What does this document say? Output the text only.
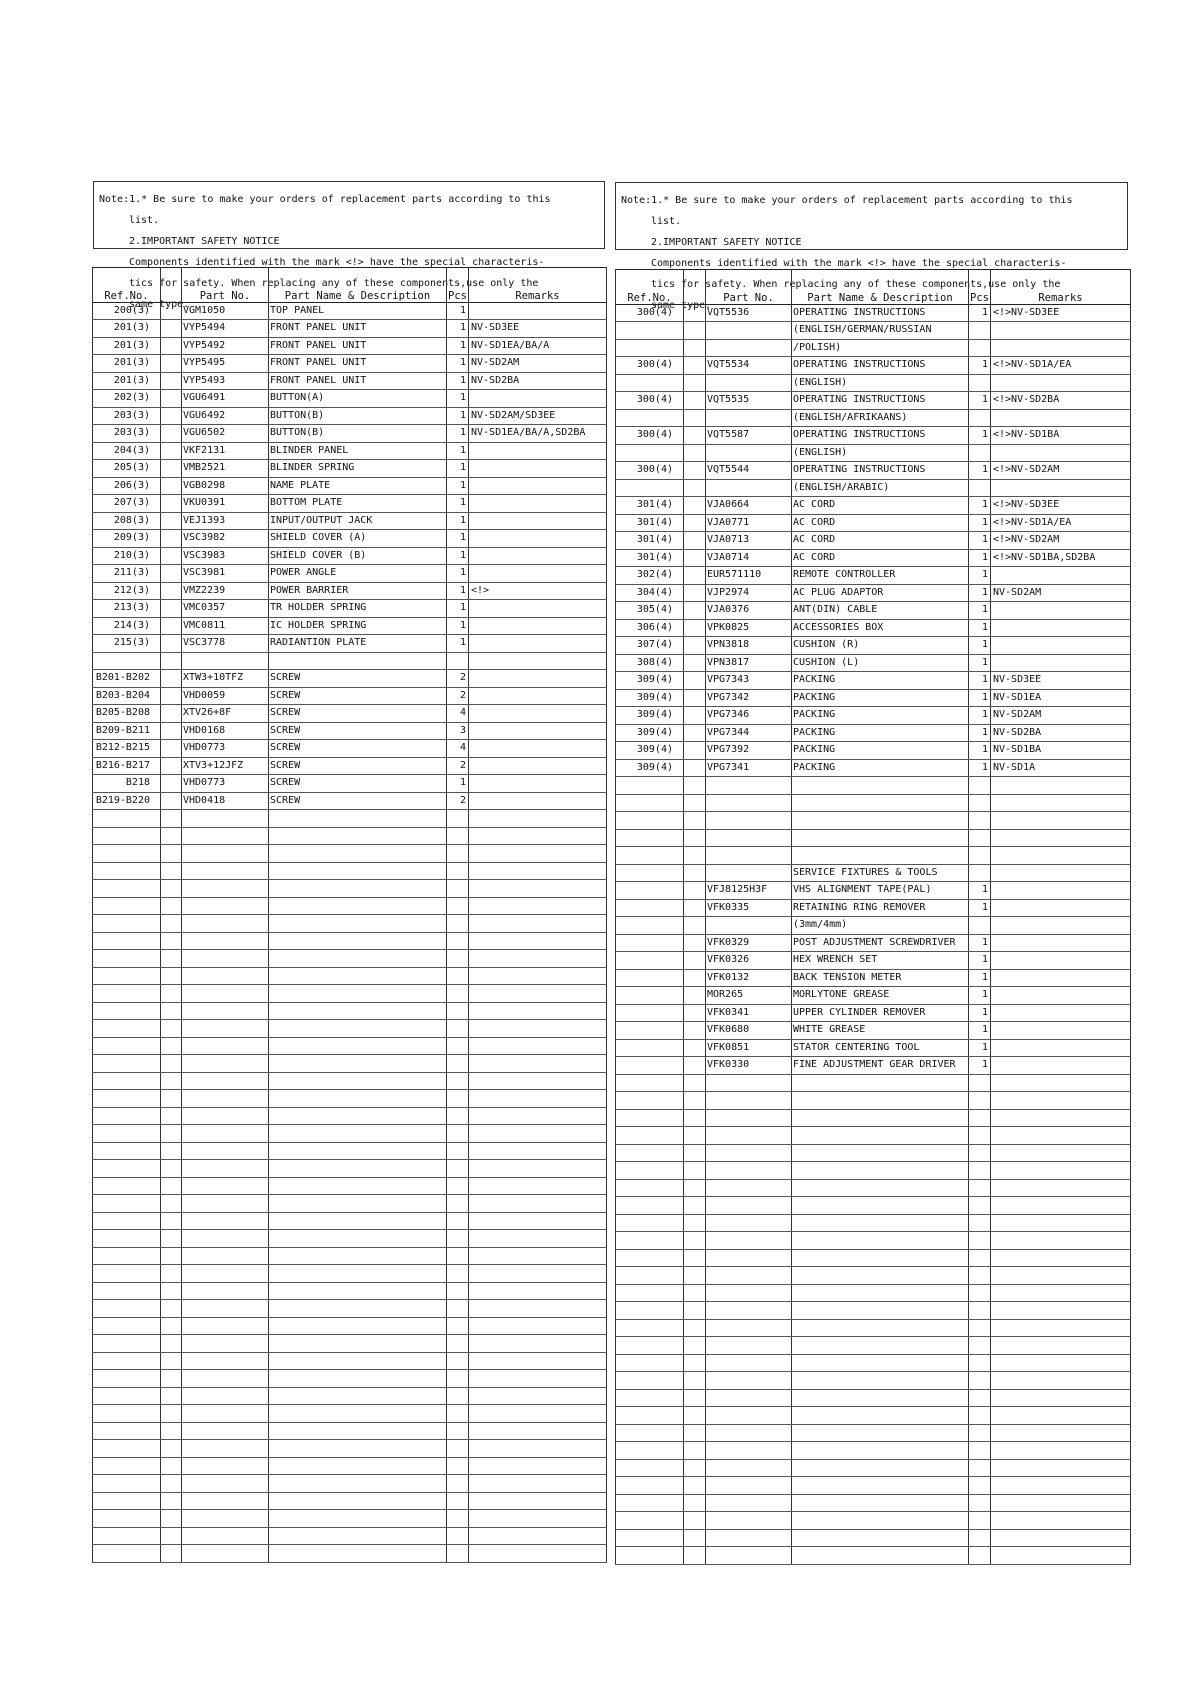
Note:1.* Be sure to make your orders of replacement parts according to this

list.

2.IMPORTANT SAFETY NOTICE

Components identified with the mark <!> have the special characteris-

tics for safety. When replacing any of these components,use only the

same type.

Note:1.* Be sure to make your orders of replacement parts according to this

list.

2.IMPORTANT SAFETY NOTICE

Components identified with the mark <!> have the special characteris-

tics for safety. When replacing any of these components,use only the

same type.

Ref.No.		Part No.	Part Name & Description	Pcs	Remarks
200(3)		VGM1050	TOP PANEL	1	
201(3)		VYP5494	FRONT PANEL UNIT	1	NV-SD3EE
201(3)		VYP5492	FRONT PANEL UNIT	1	NV-SD1EA/BA/A
201(3)		VYP5495	FRONT PANEL UNIT	1	NV-SD2AM
201(3)		VYP5493	FRONT PANEL UNIT	1	NV-SD2BA
202(3)		VGU6491	BUTTON(A)	1	
203(3)		VGU6492	BUTTON(B)	1	NV-SD2AM/SD3EE
203(3)		VGU6502	BUTTON(B)	1	NV-SD1EA/BA/A,SD2BA
204(3)		VKF2131	BLINDER PANEL	1	
205(3)		VMB2521	BLINDER SPRING	1	
206(3)		VGB0298	NAME PLATE	1	
207(3)		VKU0391	BOTTOM PLATE	1	
208(3)		VEJ1393	INPUT/OUTPUT JACK	1	
209(3)		VSC3982	SHIELD COVER (A)	1	
210(3)		VSC3983	SHIELD COVER (B)	1	
211(3)		VSC3981	POWER ANGLE	1	
212(3)		VMZ2239	POWER BARRIER	1	<!>
213(3)		VMC0357	TR HOLDER SPRING	1	
214(3)		VMC0811	IC HOLDER SPRING	1	
215(3)		VSC3778	RADIANTION PLATE	1	

B201-B202		XTW3+10TFZ	SCREW	2	
B203-B204		VHD0059	SCREW	2	
B205-B208		XTV26+8F	SCREW	4	
B209-B211		VHD0168	SCREW	3	
B212-B215		VHD0773	SCREW	4	
B216-B217		XTV3+12JFZ	SCREW	2	
B218		VHD0773	SCREW	1	
B219-B220		VHD0418	SCREW	2	

Ref.No.		Part No.	Part Name & Description	Pcs	Remarks
300(4)		VQT5536	OPERATING INSTRUCTIONS	1	<!>NV-SD3EE
			(ENGLISH/GERMAN/RUSSIAN		
			/POLISH)		
300(4)		VQT5534	OPERATING INSTRUCTIONS	1	<!>NV-SD1A/EA
			(ENGLISH)		
300(4)		VQT5535	OPERATING INSTRUCTIONS	1	<!>NV-SD2BA
			(ENGLISH/AFRIKAANS)		
300(4)		VQT5587	OPERATING INSTRUCTIONS	1	<!>NV-SD1BA
			(ENGLISH)		
300(4)		VQT5544	OPERATING INSTRUCTIONS	1	<!>NV-SD2AM
			(ENGLISH/ARABIC)		
301(4)		VJA0664	AC CORD	1	<!>NV-SD3EE
301(4)		VJA0771	AC CORD	1	<!>NV-SD1A/EA
301(4)		VJA0713	AC CORD	1	<!>NV-SD2AM
301(4)		VJA0714	AC CORD	1	<!>NV-SD1BA,SD2BA
302(4)		EUR571110	REMOTE CONTROLLER	1	
304(4)		VJP2974	AC PLUG ADAPTOR	1	NV-SD2AM
305(4)		VJA0376	ANT(DIN) CABLE	1	
306(4)		VPK0825	ACCESSORIES BOX	1	
307(4)		VPN3818	CUSHION (R)	1	
308(4)		VPN3817	CUSHION (L)	1	
309(4)		VPG7343	PACKING	1	NV-SD3EE
309(4)		VPG7342	PACKING	1	NV-SD1EA
309(4)		VPG7346	PACKING	1	NV-SD2AM
309(4)		VPG7344	PACKING	1	NV-SD2BA
309(4)		VPG7392	PACKING	1	NV-SD1BA
309(4)		VPG7341	PACKING	1	NV-SD1A

			SERVICE FIXTURES & TOOLS		
		VFJ8125H3F	VHS ALIGNMENT TAPE(PAL)	1	
		VFK0335	RETAINING RING REMOVER	1	
			(3mm/4mm)		
		VFK0329	POST ADJUSTMENT SCREWDRIVER	1	
		VFK0326	HEX WRENCH SET	1	
		VFK0132	BACK TENSION METER	1	
		MOR265	MORLYTONE GREASE	1	
		VFK0341	UPPER CYLINDER REMOVER	1	
		VFK0680	WHITE GREASE	1	
		VFK0851	STATOR CENTERING TOOL	1	
		VFK0330	FINE ADJUSTMENT GEAR DRIVER	1	
